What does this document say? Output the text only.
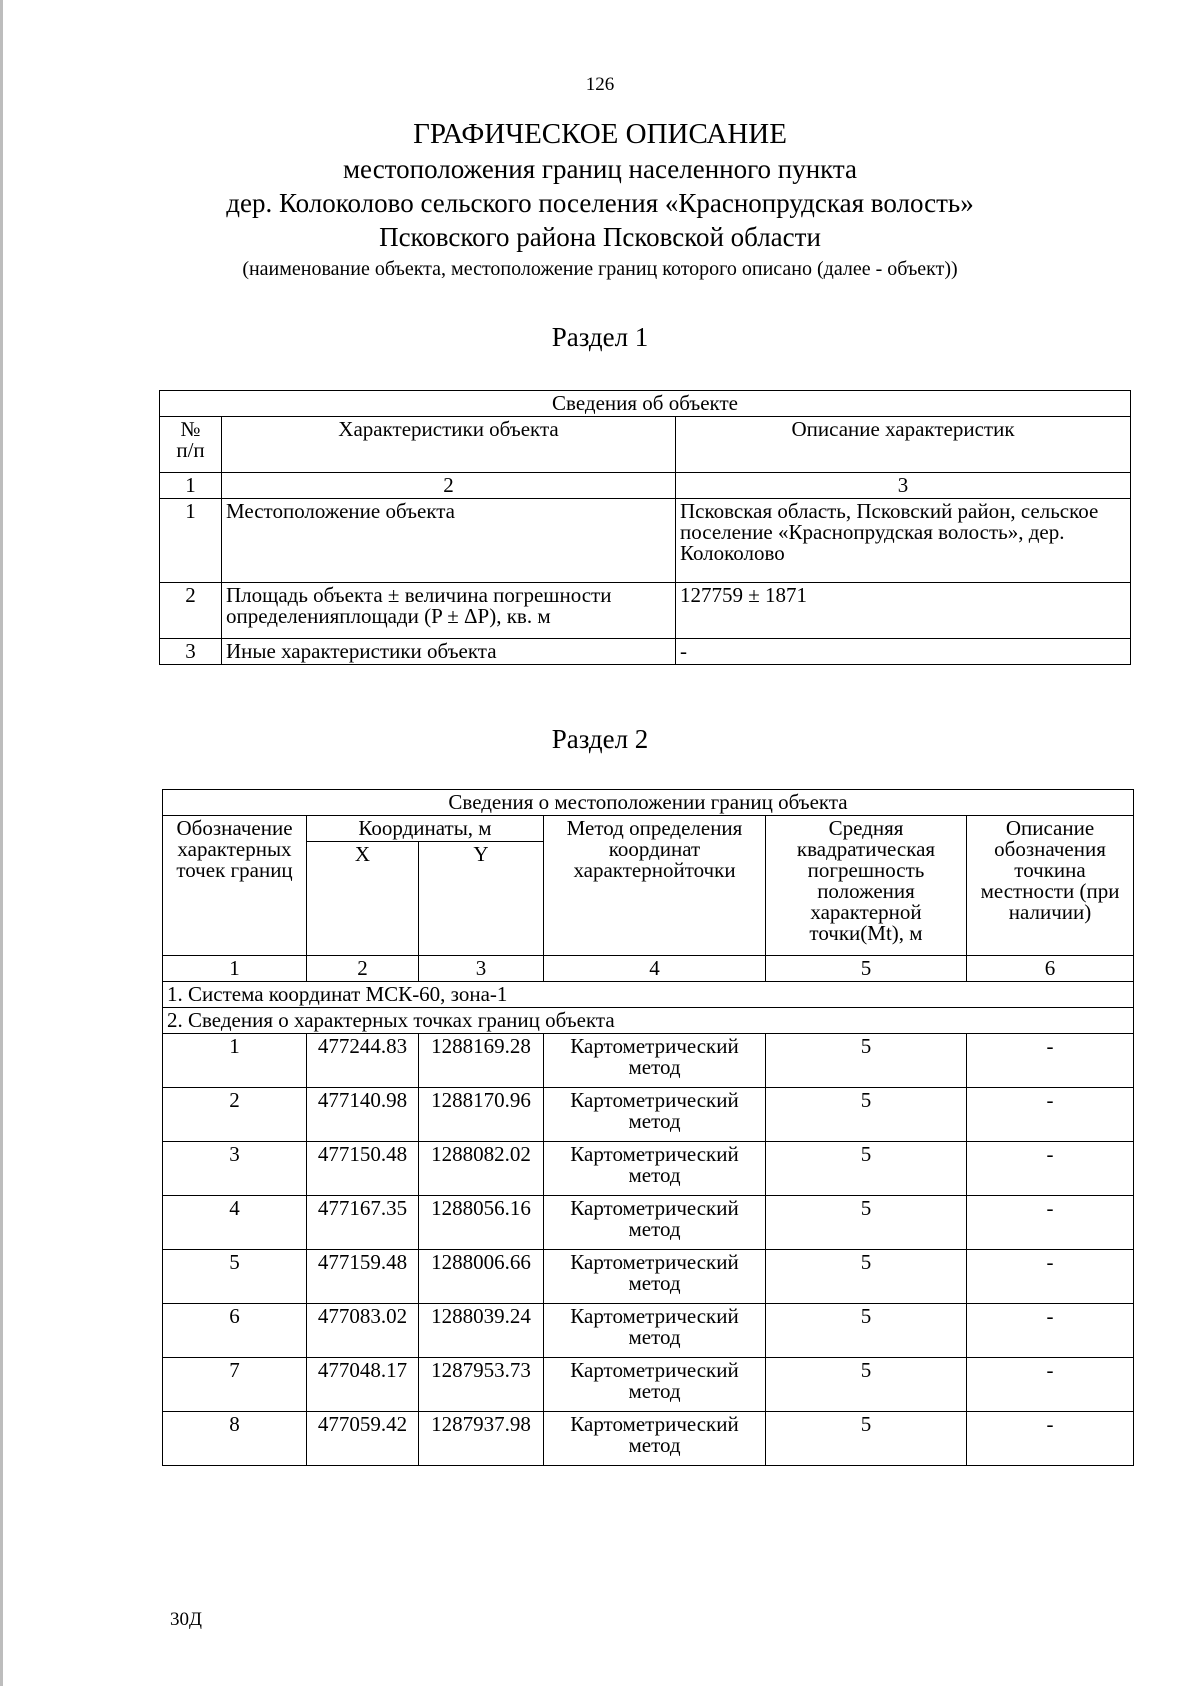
126
ГРАФИЧЕСКОЕ ОПИСАНИЕ
местоположения границ населенного пункта
дер. Колоколово сельского поселения «Краснопрудская волость»
Псковского района Псковской области
(наименование объекта, местоположение границ которого описано (далее - объект))
Раздел 1
Сведения об объекте		
№
п/п	Характеристики объекта	Описание характеристик
1	2	3
1	Местоположение объекта	Псковская область, Псковский район, сельское поселение «Краснопрудская волость», дер. Колоколово
2	Площадь объекта ± величина погрешности определенияплощади (P ± ΔP), кв. м	127759 ± 1871
3	Иные характеристики объекта	-
Раздел 2
Сведения о местоположении границ объекта					
Обозначение характерных точек границ	Координаты, м		Метод определения координат характернойточки	Средняя квадратическая погрешность положения характерной точки(Mt), м	Описание обозначения точкина местности (при наличии)
	X	Y			
1	2	3	4	5	6
1. Система координат МСК-60, зона-1					
2. Сведения о характерных точках границ объекта					
1	477244.83	1288169.28	Картометрический метод	5	-
2	477140.98	1288170.96	Картометрический метод	5	-
3	477150.48	1288082.02	Картометрический метод	5	-
4	477167.35	1288056.16	Картометрический метод	5	-
5	477159.48	1288006.66	Картометрический метод	5	-
6	477083.02	1288039.24	Картометрический метод	5	-
7	477048.17	1287953.73	Картометрический метод	5	-
8	477059.42	1287937.98	Картометрический метод	5	-
30Д
